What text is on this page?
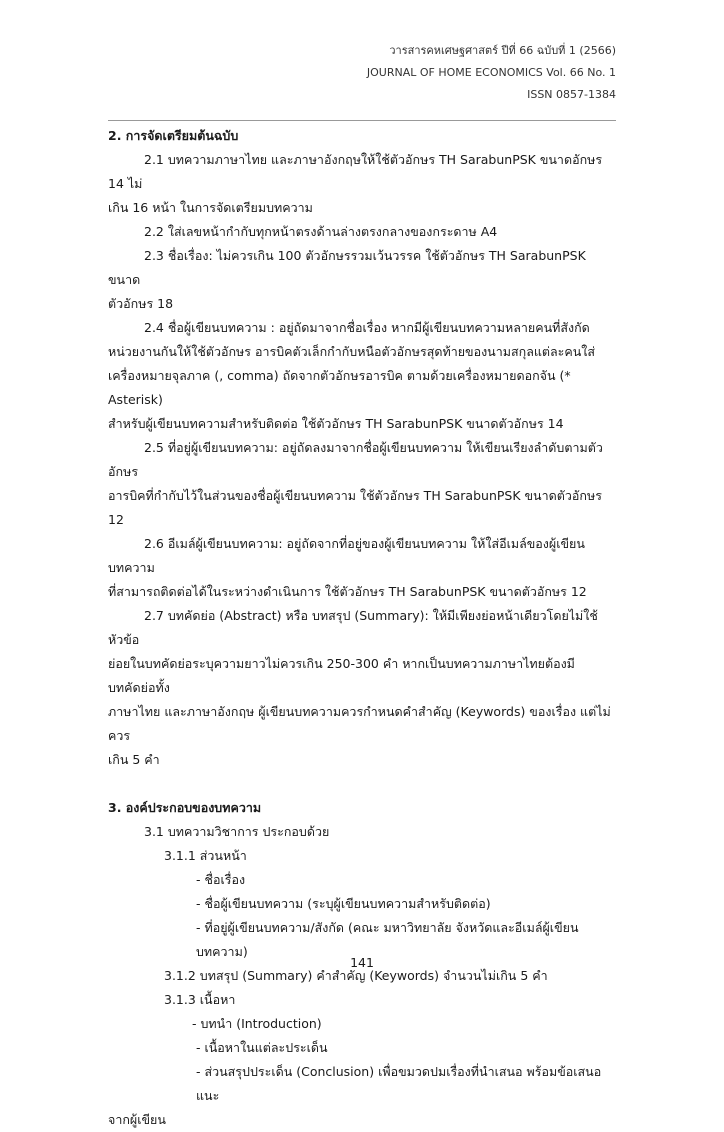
วารสารคหเศษฐศาสตร์ ปีที่ 66 ฉบับที่ 1 (2566)
JOURNAL OF HOME ECONOMICS Vol. 66 No. 1
ISSN 0857-1384

2. การจัดเตรียมต้นฉบับ

2.1 บทความภาษาไทย และภาษาอังกฤษให้ใช้ตัวอักษร TH SarabunPSK ขนาดอักษร 14 ไม่

เกิน 16 หน้า ในการจัดเตรียมบทความ

2.2 ใส่เลขหน้ากำกับทุกหน้าตรงด้านล่างตรงกลางของกระดาษ A4

2.3 ชื่อเรื่อง: ไม่ควรเกิน 100 ตัวอักษรรวมเว้นวรรค ใช้ตัวอักษร TH SarabunPSK ขนาด

ตัวอักษร 18

2.4 ชื่อผู้เขียนบทความ : อยู่ถัดมาจากชื่อเรื่อง หากมีผู้เขียนบทความหลายคนที่สังกัด

หน่วยงานกันให้ใช้ตัวอักษร อารบิคตัวเล็กกำกับหนือตัวอักษรสุดท้ายของนามสกุลแต่ละคนใส่

เครื่องหมายจุลภาค (, comma) ถัดจากตัวอักษรอารบิค ตามด้วยเครื่องหมายดอกจัน (* Asterisk)

สำหรับผู้เขียนบทความสำหรับติดต่อ ใช้ตัวอักษร TH SarabunPSK ขนาดตัวอักษร 14

2.5 ที่อยู่ผู้เขียนบทความ: อยู่ถัดลงมาจากชื่อผู้เขียนบทความ ให้เขียนเรียงลำดับตามตัวอักษร

อารบิคที่กำกับไว้ในส่วนของชื่อผู้เขียนบทความ ใช้ตัวอักษร TH SarabunPSK ขนาดตัวอักษร 12

2.6 อีเมล์ผู้เขียนบทความ: อยู่ถัดจากที่อยู่ของผู้เขียนบทความ ให้ใส่อีเมล์ของผู้เขียนบทความ

ที่สามารถติดต่อได้ในระหว่างดำเนินการ ใช้ตัวอักษร TH SarabunPSK ขนาดตัวอักษร 12

2.7 บทคัดย่อ (Abstract) หรือ บทสรุป (Summary): ให้มีเพียงย่อหน้าเดียวโดยไม่ใช้หัวข้อ

ย่อยในบทคัดย่อระบุความยาวไม่ควรเกิน 250-300 คำ หากเป็นบทความภาษาไทยต้องมีบทคัดย่อทั้ง

ภาษาไทย และภาษาอังกฤษ ผู้เขียนบทความควรกำหนดคำสำคัญ (Keywords) ของเรื่อง แต่ไม่ควร

เกิน 5 คำ

3. องค์ประกอบของบทความ

3.1 บทความวิชาการ ประกอบด้วย

3.1.1 ส่วนหน้า

- ชื่อเรื่อง

- ชื่อผู้เขียนบทความ (ระบุผู้เขียนบทความสำหรับติดต่อ)

- ที่อยู่ผู้เขียนบทความ/สังกัด (คณะ มหาวิทยาลัย จังหวัดและอีเมล์ผู้เขียนบทความ)

3.1.2 บทสรุป (Summary) คำสำคัญ (Keywords) จำนวนไม่เกิน 5 คำ

3.1.3 เนื้อหา

- บทนำ (Introduction)

- เนื้อหาในแต่ละประเด็น

- ส่วนสรุปประเด็น (Conclusion) เพื่อขมวดปมเรื่องที่นำเสนอ พร้อมข้อเสนอแนะ

จากผู้เขียน

141
